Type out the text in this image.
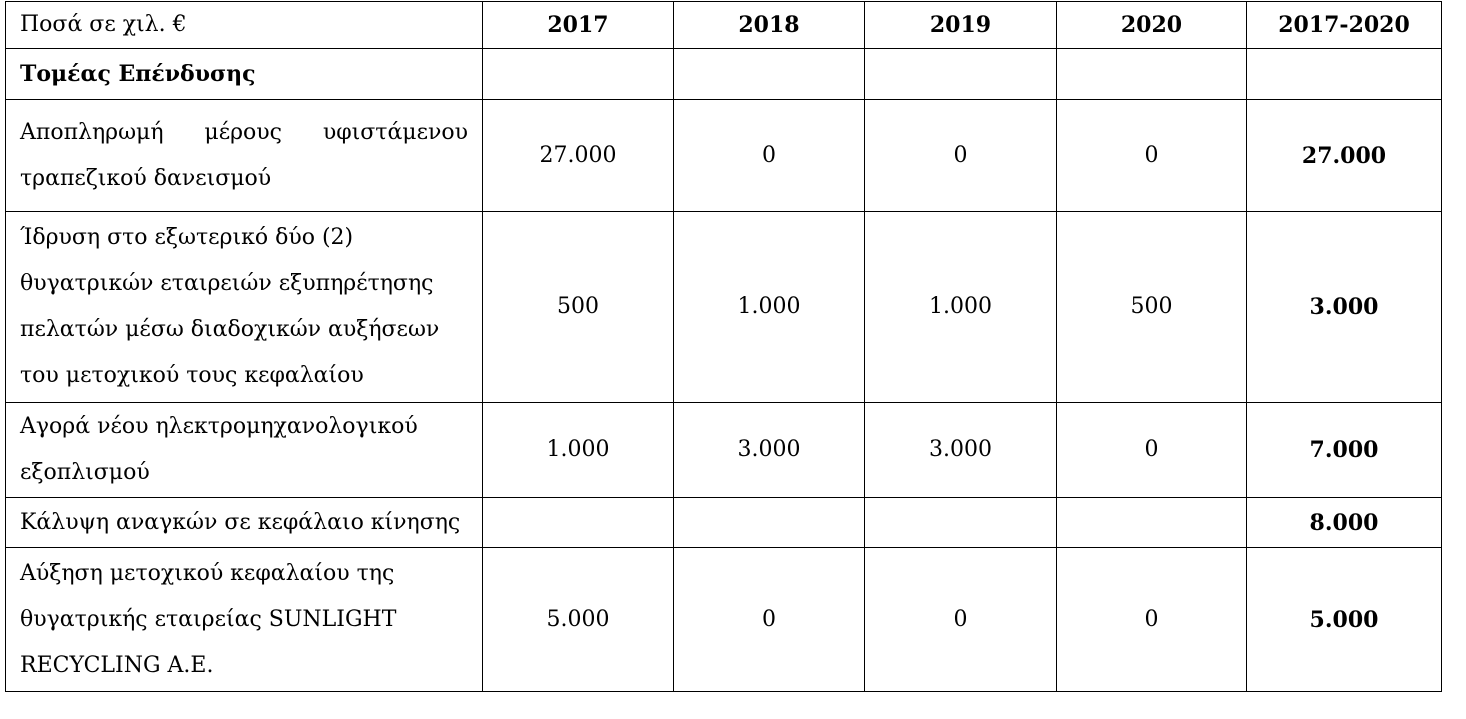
Ποσά σε χιλ. €	2017	2018	2019	2020	2017-2020
Τομέας Επένδυσης					
Αποπληρωμή μέρους υφιστάμενου τραπεζικού δανεισμού	27.000	0	0	0	27.000
Ίδρυση στο εξωτερικό δύο (2) θυγατρικών εταιρειών εξυπηρέτησης πελατών μέσω διαδοχικών αυξήσεων του μετοχικού τους κεφαλαίου	500	1.000	1.000	500	3.000
Αγορά νέου ηλεκτρομηχανολογικού εξοπλισμού	1.000	3.000	3.000	0	7.000
Κάλυψη αναγκών σε κεφάλαιο κίνησης					8.000
Αύξηση μετοχικού κεφαλαίου της θυγατρικής εταιρείας SUNLIGHT RECYCLING A.E.	5.000	0	0	0	5.000
